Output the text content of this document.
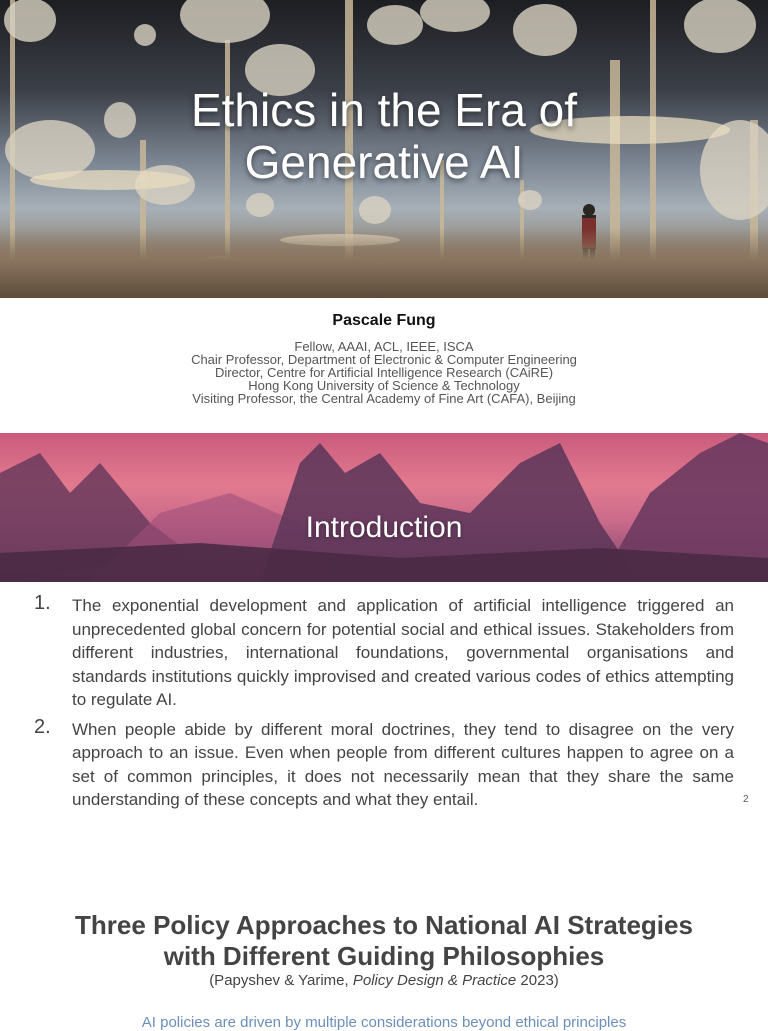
Ethics in the Era of
Generative AI
Pascale Fung
Fellow, AAAI, ACL, IEEE, ISCA
Chair Professor, Department of Electronic & Computer Engineering
Director, Centre for Artificial Intelligence Research (CAiRE)
Hong Kong University of Science & Technology
Visiting Professor, the Central Academy of Fine Art (CAFA), Beijing
Introduction
1. The exponential development and application of artificial intelligence triggered an unprecedented global concern for potential social and ethical issues. Stakeholders from different industries, international foundations, governmental organisations and standards institutions quickly improvised and created various codes of ethics attempting to regulate AI.
2. When people abide by different moral doctrines, they tend to disagree on the very approach to an issue. Even when people from different cultures happen to agree on a set of common principles, it does not necessarily mean that they share the same understanding of these concepts and what they entail.	2
Three Policy Approaches to National AI Strategies
with Different Guiding Philosophies
(Papyshev & Yarime, Policy Design & Practice 2023)
AI policies are driven by multiple considerations beyond ethical principles
